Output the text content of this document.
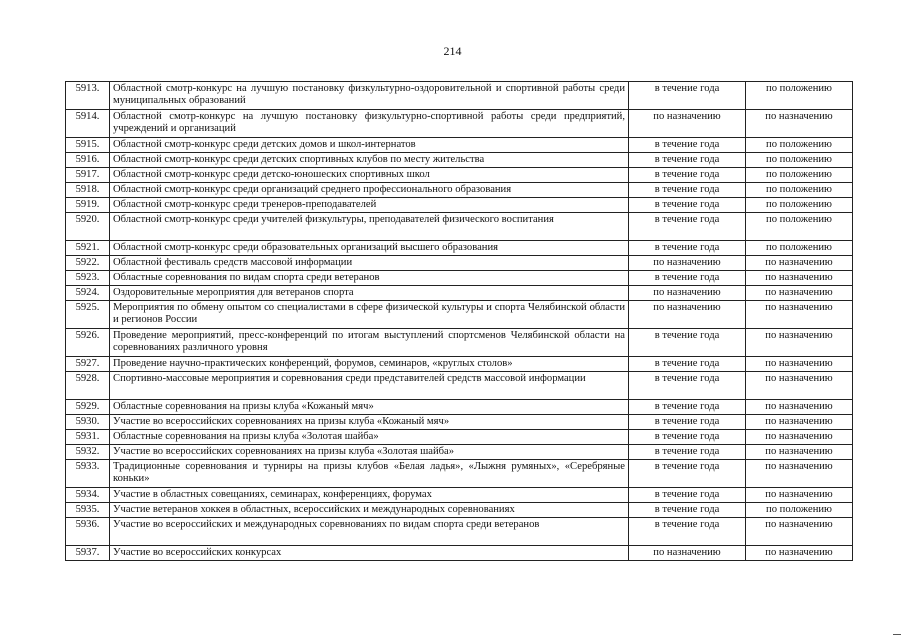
214
5913.	Областной смотр-конкурс на лучшую постановку физкультурно-оздоровительной и спортивной работы среди муниципальных образований	в течение года	по положению
5914.	Областной смотр-конкурс на лучшую постановку физкультурно-спортивной работы среди предприятий, учреждений и организаций	по назначению	по назначению
5915.	Областной смотр-конкурс среди детских домов и школ-интернатов	в течение года	по положению
5916.	Областной смотр-конкурс среди детских спортивных клубов по месту жительства	в течение года	по положению
5917.	Областной смотр-конкурс среди детско-юношеских спортивных школ	в течение года	по положению
5918.	Областной смотр-конкурс среди организаций среднего профессионального образования	в течение года	по положению
5919.	Областной смотр-конкурс среди тренеров-преподавателей	в течение года	по положению
5920.	Областной смотр-конкурс среди учителей физкультуры, преподавателей физического воспитания	в течение года	по положению
5921.	Областной смотр-конкурс среди образовательных организаций высшего образования	в течение года	по положению
5922.	Областной фестиваль средств массовой информации	по назначению	по назначению
5923.	Областные соревнования по видам спорта среди ветеранов	в течение года	по назначению
5924.	Оздоровительные мероприятия для ветеранов спорта	по назначению	по назначению
5925.	Мероприятия по обмену опытом со специалистами в сфере физической культуры и спорта Челябинской области и регионов России	по назначению	по назначению
5926.	Проведение мероприятий, пресс-конференций по итогам выступлений спортсменов Челябинской области на соревнованиях различного уровня	в течение года	по назначению
5927.	Проведение научно-практических конференций, форумов, семинаров, «круглых столов»	в течение года	по назначению
5928.	Спортивно-массовые мероприятия и соревнования среди представителей средств массовой информации	в течение года	по назначению
5929.	Областные соревнования на призы клуба «Кожаный мяч»	в течение года	по назначению
5930.	Участие во всероссийских соревнованиях на призы клуба «Кожаный мяч»	в течение года	по назначению
5931.	Областные соревнования на призы клуба «Золотая шайба»	в течение года	по назначению
5932.	Участие во всероссийских соревнованиях на призы клуба «Золотая шайба»	в течение года	по назначению
5933.	Традиционные соревнования и турниры на призы клубов «Белая ладья», «Лыжня румяных», «Серебряные коньки»	в течение года	по назначению
5934.	Участие в областных совещаниях, семинарах, конференциях, форумах	в течение года	по назначению
5935.	Участие ветеранов хоккея в областных, всероссийских и международных соревнованиях	в течение года	по положению
5936.	Участие во всероссийских и международных соревнованиях по видам спорта среди ветеранов	в течение года	по назначению
5937.	Участие во всероссийских конкурсах	по назначению	по назначению
